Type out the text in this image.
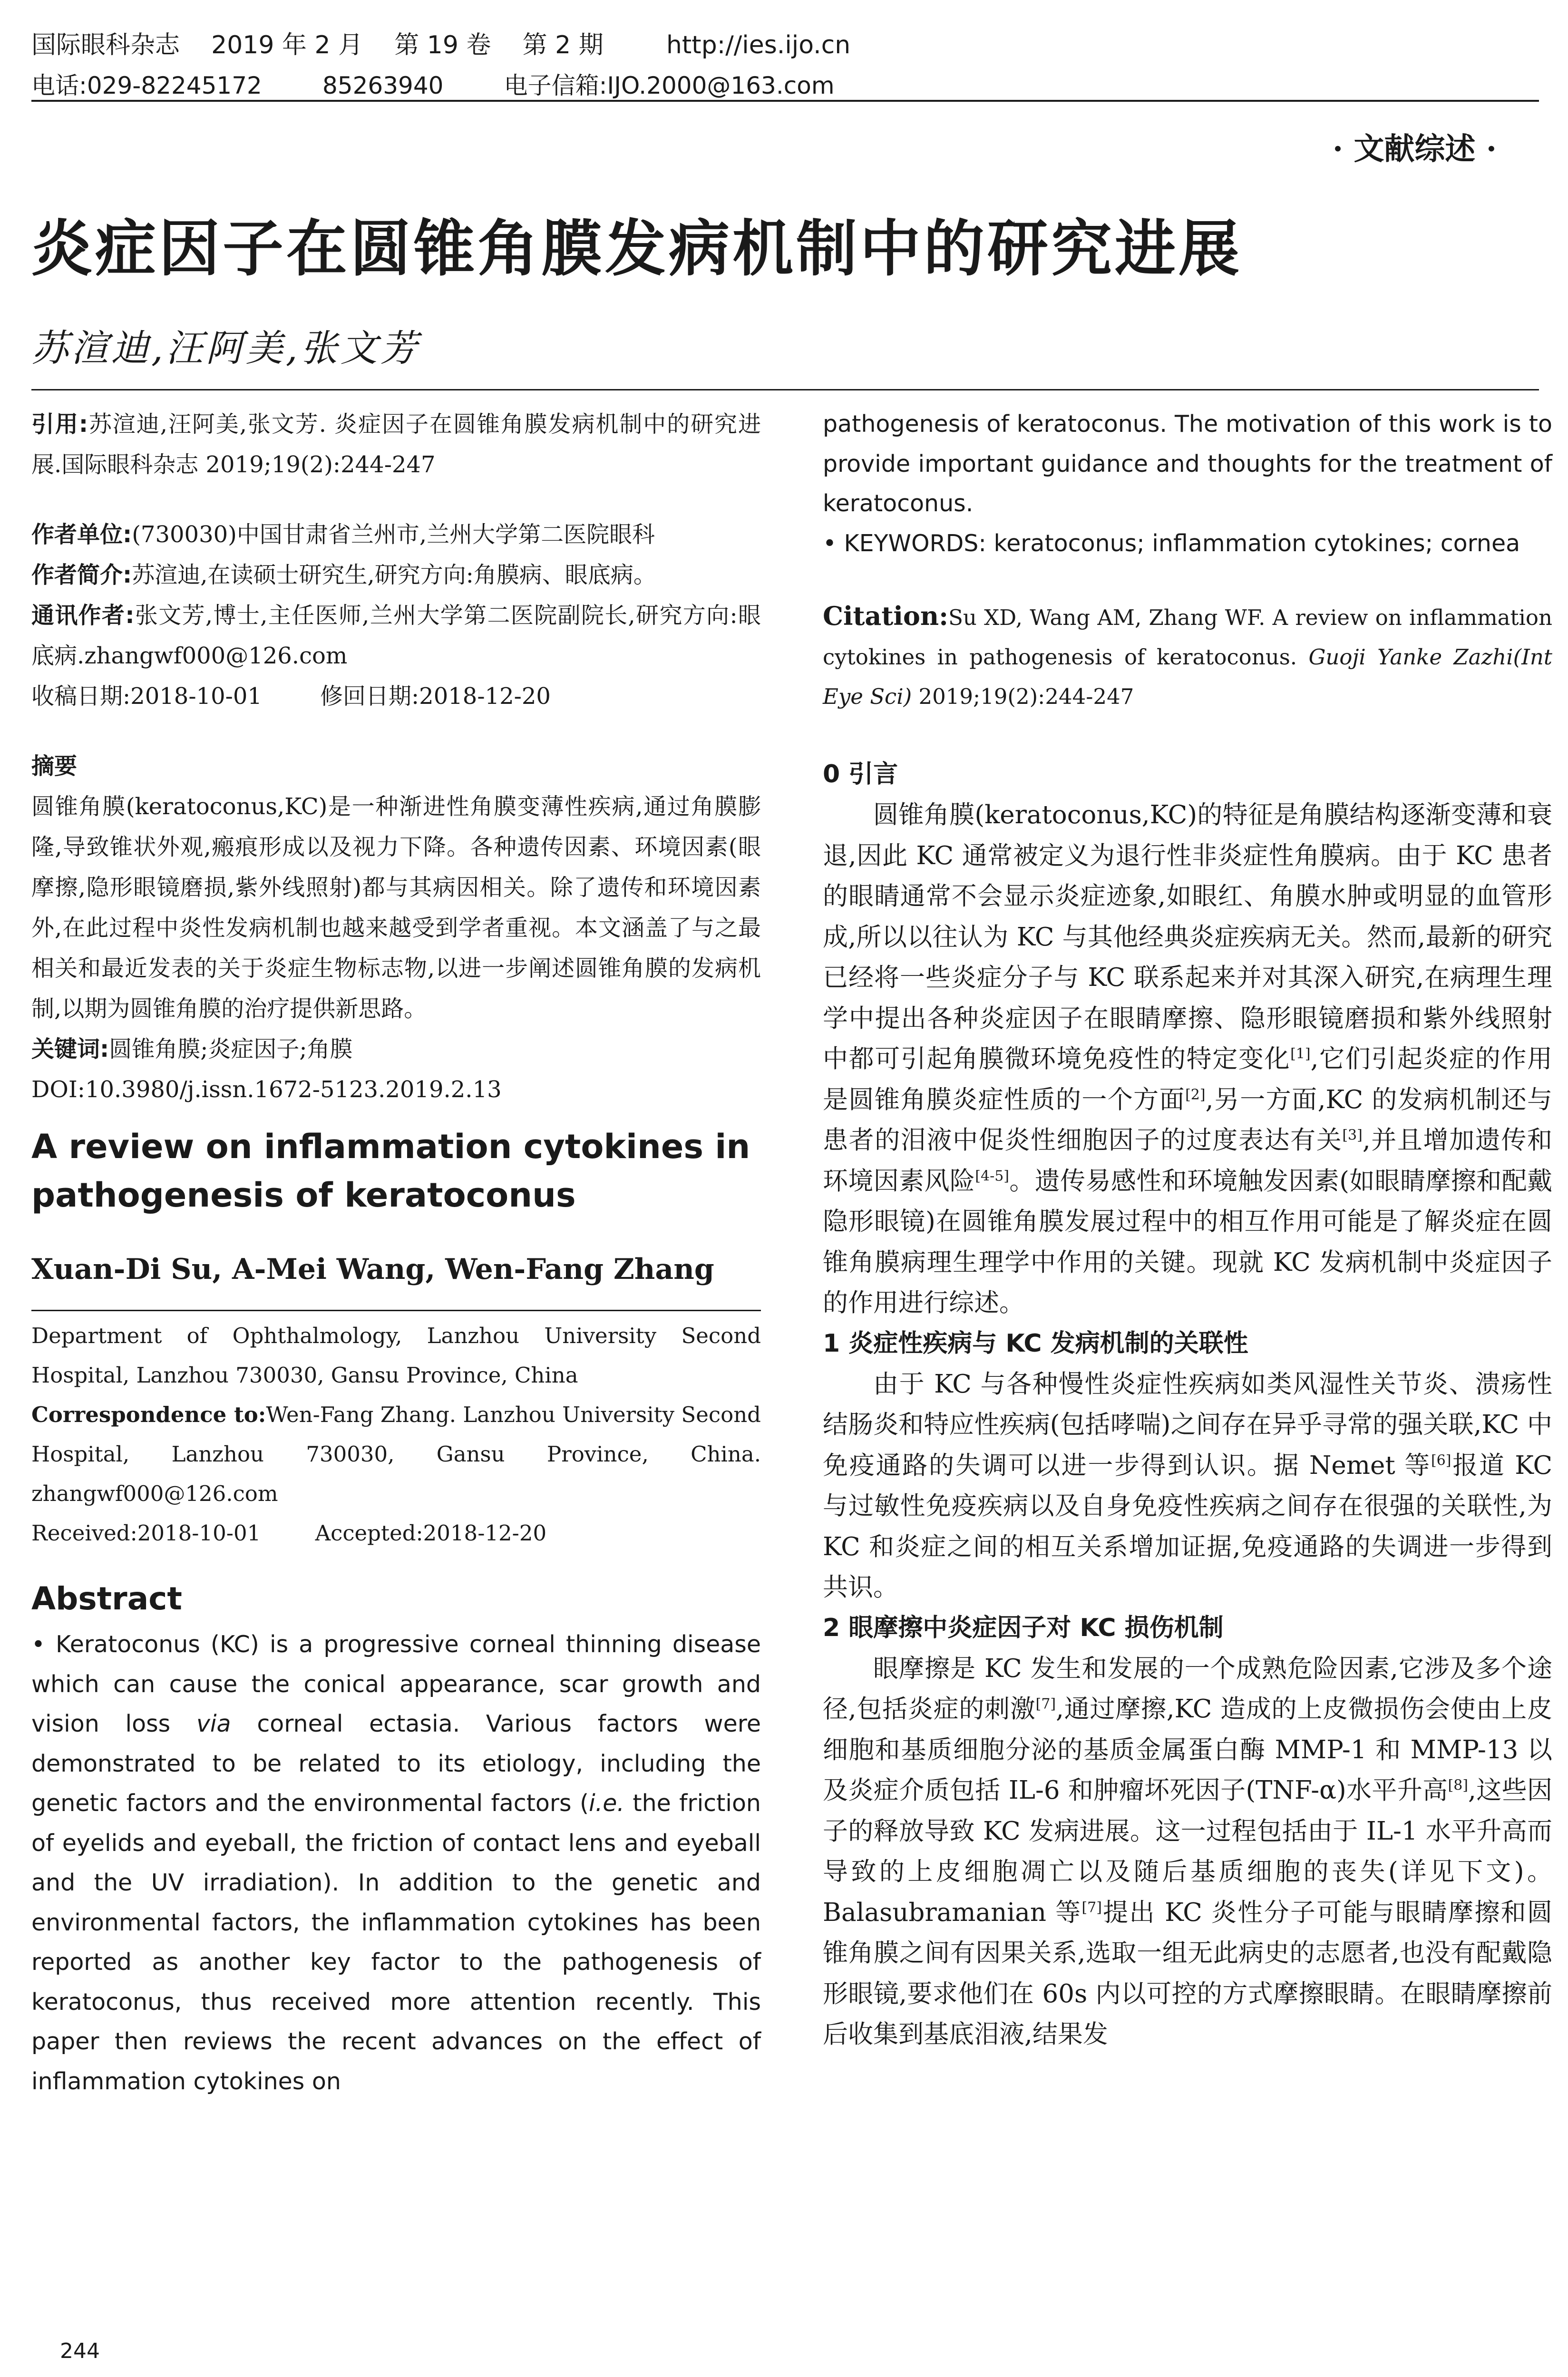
国际眼科杂志    2019 年 2 月    第 19 卷    第 2 期        http://ies.ijo.cn
电话:029-82245172        85263940        电子信箱:IJO.2000@163.com
· 文献综述 ·
炎症因子在圆锥角膜发病机制中的研究进展
苏渲迪,汪阿美,张文芳

引用:苏渲迪,汪阿美,张文芳. 炎症因子在圆锥角膜发病机制中的研究进展.国际眼科杂志 2019;19(2):244-247

作者单位:(730030)中国甘肃省兰州市,兰州大学第二医院眼科

作者简介:苏渲迪,在读硕士研究生,研究方向:角膜病、眼底病。

通讯作者:张文芳,博士,主任医师,兰州大学第二医院副院长,研究方向:眼底病.zhangwf000@126.com

收稿日期:2018-10-01        修回日期:2018-12-20

摘要

圆锥角膜(keratoconus,KC)是一种渐进性角膜变薄性疾病,通过角膜膨隆,导致锥状外观,瘢痕形成以及视力下降。各种遗传因素、环境因素(眼摩擦,隐形眼镜磨损,紫外线照射)都与其病因相关。除了遗传和环境因素外,在此过程中炎性发病机制也越来越受到学者重视。本文涵盖了与之最相关和最近发表的关于炎症生物标志物,以进一步阐述圆锥角膜的发病机制,以期为圆锥角膜的治疗提供新思路。

关键词:圆锥角膜;炎症因子;角膜

DOI:10.3980/j.issn.1672-5123.2019.2.13

A review on inflammation cytokines in pathogenesis of keratoconus
Xuan-Di Su, A-Mei Wang, Wen-Fang Zhang

Department of Ophthalmology, Lanzhou University Second Hospital, Lanzhou 730030, Gansu Province, China

Correspondence to:Wen-Fang Zhang. Lanzhou University Second Hospital, Lanzhou 730030, Gansu Province, China. zhangwf000@126.com

Received:2018-10-01        Accepted:2018-12-20

Abstract

• Keratoconus (KC) is a progressive corneal thinning disease which can cause the conical appearance, scar growth and vision loss via corneal ectasia. Various factors were demonstrated to be related to its etiology, including the genetic factors and the environmental factors (i.e. the friction of eyelids and eyeball, the friction of contact lens and eyeball and the UV irradiation). In addition to the genetic and environmental factors, the inflammation cytokines has been reported as another key factor to the pathogenesis of keratoconus, thus received more attention recently. This paper then reviews the recent advances on the effect of inflammation cytokines on

pathogenesis of keratoconus. The motivation of this work is to provide important guidance and thoughts for the treatment of keratoconus.

• KEYWORDS: keratoconus; inflammation cytokines; cornea

Citation:Su XD, Wang AM, Zhang WF. A review on inflammation cytokines in pathogenesis of keratoconus. Guoji Yanke Zazhi(Int Eye Sci) 2019;19(2):244-247

0 引言

圆锥角膜(keratoconus,KC)的特征是角膜结构逐渐变薄和衰退,因此 KC 通常被定义为退行性非炎症性角膜病。由于 KC 患者的眼睛通常不会显示炎症迹象,如眼红、角膜水肿或明显的血管形成,所以以往认为 KC 与其他经典炎症疾病无关。然而,最新的研究已经将一些炎症分子与 KC 联系起来并对其深入研究,在病理生理学中提出各种炎症因子在眼睛摩擦、隐形眼镜磨损和紫外线照射中都可引起角膜微环境免疫性的特定变化[1],它们引起炎症的作用是圆锥角膜炎症性质的一个方面[2],另一方面,KC 的发病机制还与患者的泪液中促炎性细胞因子的过度表达有关[3],并且增加遗传和环境因素风险[4-5]。遗传易感性和环境触发因素(如眼睛摩擦和配戴隐形眼镜)在圆锥角膜发展过程中的相互作用可能是了解炎症在圆锥角膜病理生理学中作用的关键。现就 KC 发病机制中炎症因子的作用进行综述。

1 炎症性疾病与 KC 发病机制的关联性

由于 KC 与各种慢性炎症性疾病如类风湿性关节炎、溃疡性结肠炎和特应性疾病(包括哮喘)之间存在异乎寻常的强关联,KC 中免疫通路的失调可以进一步得到认识。据 Nemet 等[6]报道 KC 与过敏性免疫疾病以及自身免疫性疾病之间存在很强的关联性,为 KC 和炎症之间的相互关系增加证据,免疫通路的失调进一步得到共识。

2 眼摩擦中炎症因子对 KC 损伤机制

眼摩擦是 KC 发生和发展的一个成熟危险因素,它涉及多个途径,包括炎症的刺激[7],通过摩擦,KC 造成的上皮微损伤会使由上皮细胞和基质细胞分泌的基质金属蛋白酶 MMP-1 和 MMP-13 以及炎症介质包括 IL-6 和肿瘤坏死因子(TNF-α)水平升高[8],这些因子的释放导致 KC 发病进展。这一过程包括由于 IL-1 水平升高而导致的上皮细胞凋亡以及随后基质细胞的丧失(详见下文)。Balasubramanian 等[7]提出 KC 炎性分子可能与眼睛摩擦和圆锥角膜之间有因果关系,选取一组无此病史的志愿者,也没有配戴隐形眼镜,要求他们在 60s 内以可控的方式摩擦眼睛。在眼睛摩擦前后收集到基底泪液,结果发

244
